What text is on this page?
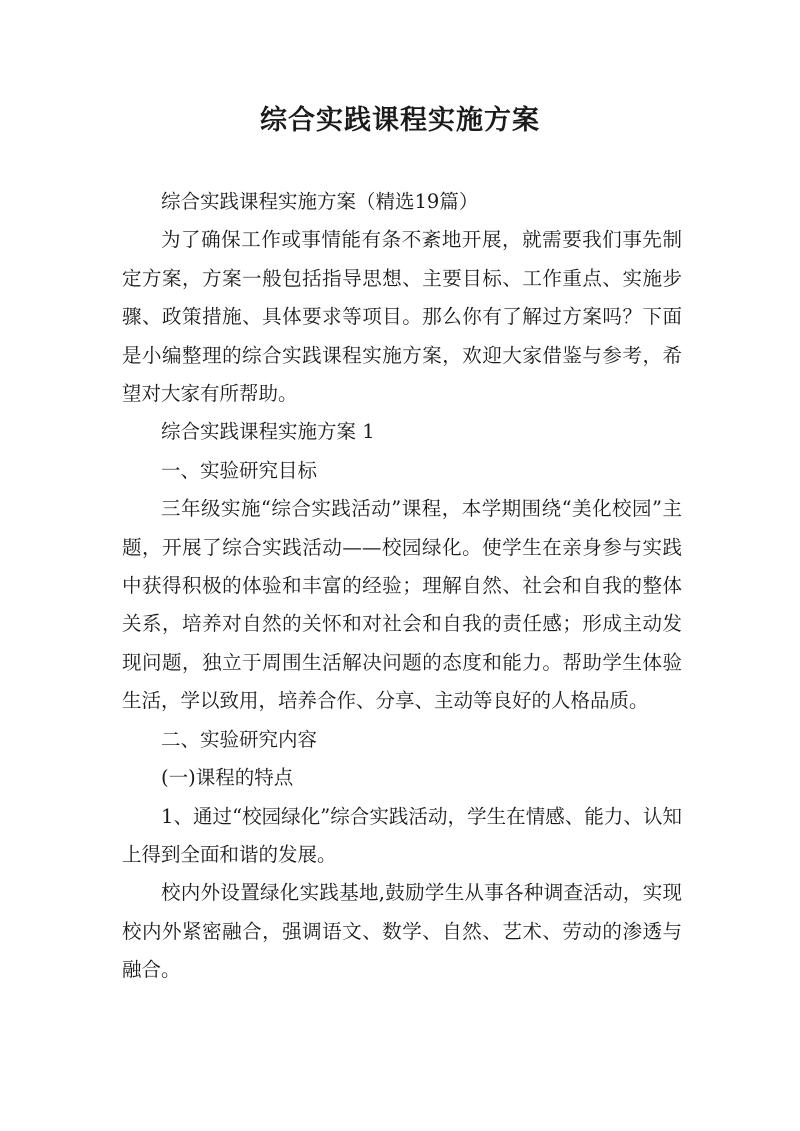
综合实践课程实施方案

综合实践课程实施方案（精选19篇）

为了确保工作或事情能有条不紊地开展，就需要我们事先制定方案，方案一般包括指导思想、主要目标、工作重点、实施步骤、政策措施、具体要求等项目。那么你有了解过方案吗？下面是小编整理的综合实践课程实施方案，欢迎大家借鉴与参考，希望对大家有所帮助。

综合实践课程实施方案 1

一、实验研究目标

三年级实施“综合实践活动”课程，本学期围绕“美化校园”主题，开展了综合实践活动——校园绿化。使学生在亲身参与实践中获得积极的体验和丰富的经验；理解自然、社会和自我的整体关系，培养对自然的关怀和对社会和自我的责任感；形成主动发现问题，独立于周围生活解决问题的态度和能力。帮助学生体验生活，学以致用，培养合作、分享、主动等良好的人格品质。

二、实验研究内容

(一)课程的特点

1、通过“校园绿化”综合实践活动，学生在情感、能力、认知上得到全面和谐的发展。

校内外设置绿化实践基地,鼓励学生从事各种调查活动，实现校内外紧密融合，强调语文、数学、自然、艺术、劳动的渗透与融合。
